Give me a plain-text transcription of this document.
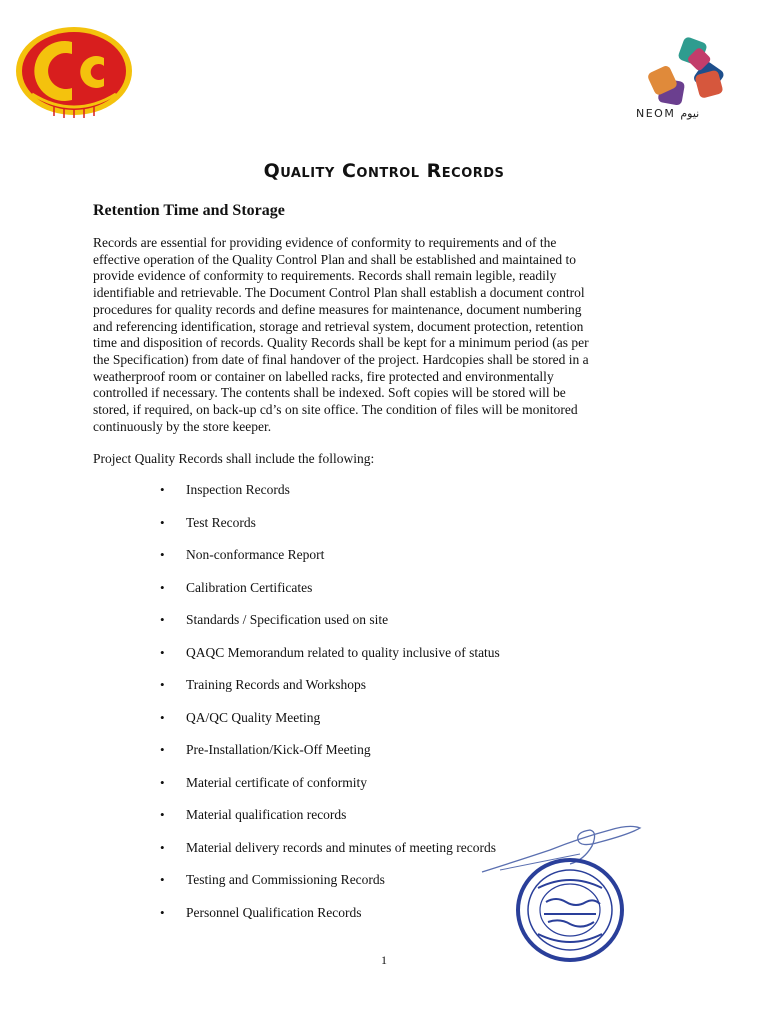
NEOM نيوم
Quality Control Records
Retention Time and Storage
Records are essential for providing evidence of conformity to requirements and of the
effective operation of the Quality Control Plan and shall be established and maintained to
provide evidence of conformity to requirements. Records shall remain legible, readily
identifiable and retrievable. The Document Control Plan shall establish a document control
procedures for quality records and define measures for maintenance, document numbering
and referencing identification, storage and retrieval system, document protection, retention
time and disposition of records. Quality Records shall be kept for a minimum period (as per
the Specification) from date of final handover of the project. Hardcopies shall be stored in a
weatherproof room or container on labelled racks, fire protected and environmentally
controlled if necessary. The contents shall be indexed. Soft copies will be stored will be
stored, if required, on back-up cd’s on site office. The condition of files will be monitored
continuously by the store keeper.
Project Quality Records shall include the following:
• Inspection Records
• Test Records
• Non-conformance Report
• Calibration Certificates
• Standards / Specification used on site
• QAQC Memorandum related to quality inclusive of status
• Training Records and Workshops
• QA/QC Quality Meeting
• Pre-Installation/Kick-Off Meeting
• Material certificate of conformity
• Material qualification records
• Material delivery records and minutes of meeting records
• Testing and Commissioning Records
• Personnel Qualification Records
1
